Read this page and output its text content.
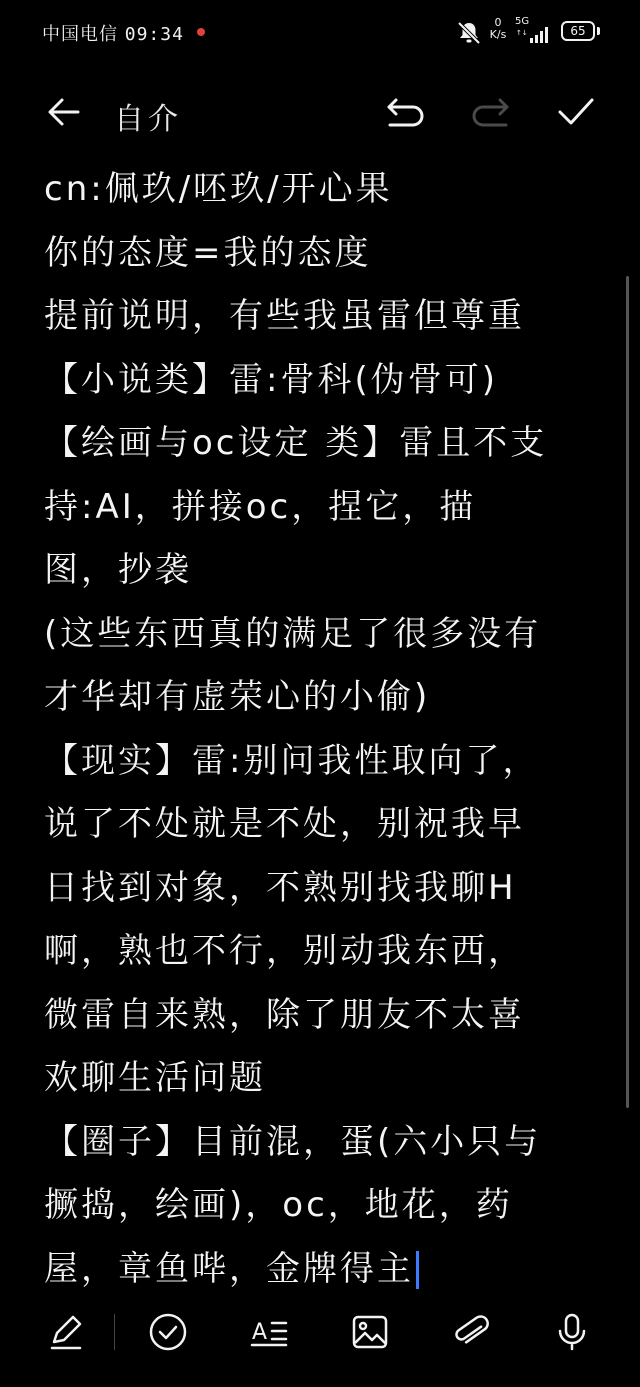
中国电信 09:34
0
K/s
5G
↑↓	65
自介
cn:佩玖/呸玖/开心果
你的态度=我的态度
提前说明，有些我虽雷但尊重
【小说类】雷:骨科(伪骨可)
【绘画与oc设定 类】雷且不支
持:AI，拼接oc，捏它，描
图，抄袭
(这些东西真的满足了很多没有
才华却有虚荣心的小偷)
【现实】雷:别问我性取向了，
说了不处就是不处，别祝我早
日找到对象，不熟别找我聊H
啊，熟也不行，别动我东西，
微雷自来熟，除了朋友不太喜
欢聊生活问题
【圈子】目前混，蛋(六小只与
撅捣，绘画)，oc，地花，药
屋，章鱼哔，金牌得主
A
